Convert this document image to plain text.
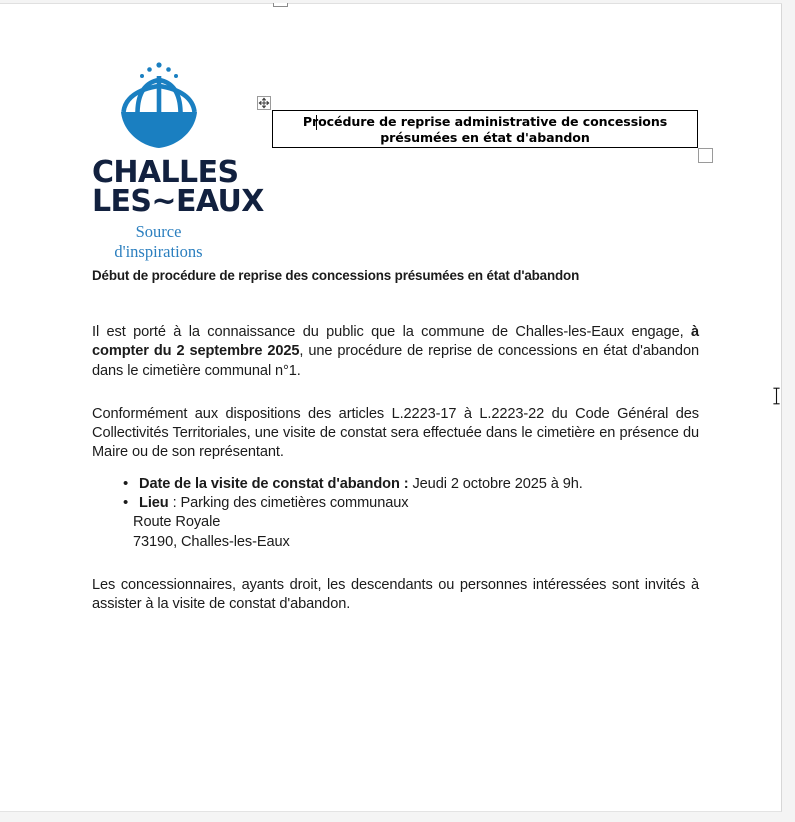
CHALLES
LES~EAUX
Source d'inspirations
Procédure de reprise administrative de concessions
présumées en état d'abandon

Début de procédure de reprise des concessions présumées en état d'abandon

Il est porté à la connaissance du public que la commune de Challes-les-Eaux engage, à compter du 2 septembre 2025, une procédure de reprise de concessions en état d'abandon dans le cimetière communal n°1.

Conformément aux dispositions des articles L.2223-17 à L.2223-22 du Code Général des Collectivités Territoriales, une visite de constat sera effectuée dans le cimetière en présence du Maire ou de son représentant.

• Date de la visite de constat d'abandon : Jeudi 2 octobre 2025 à 9h.
• Lieu : Parking des cimetières communaux
Route Royale
73190, Challes-les-Eaux

Les concessionnaires, ayants droit, les descendants ou personnes intéressées sont invités à assister à la visite de constat d'abandon.
